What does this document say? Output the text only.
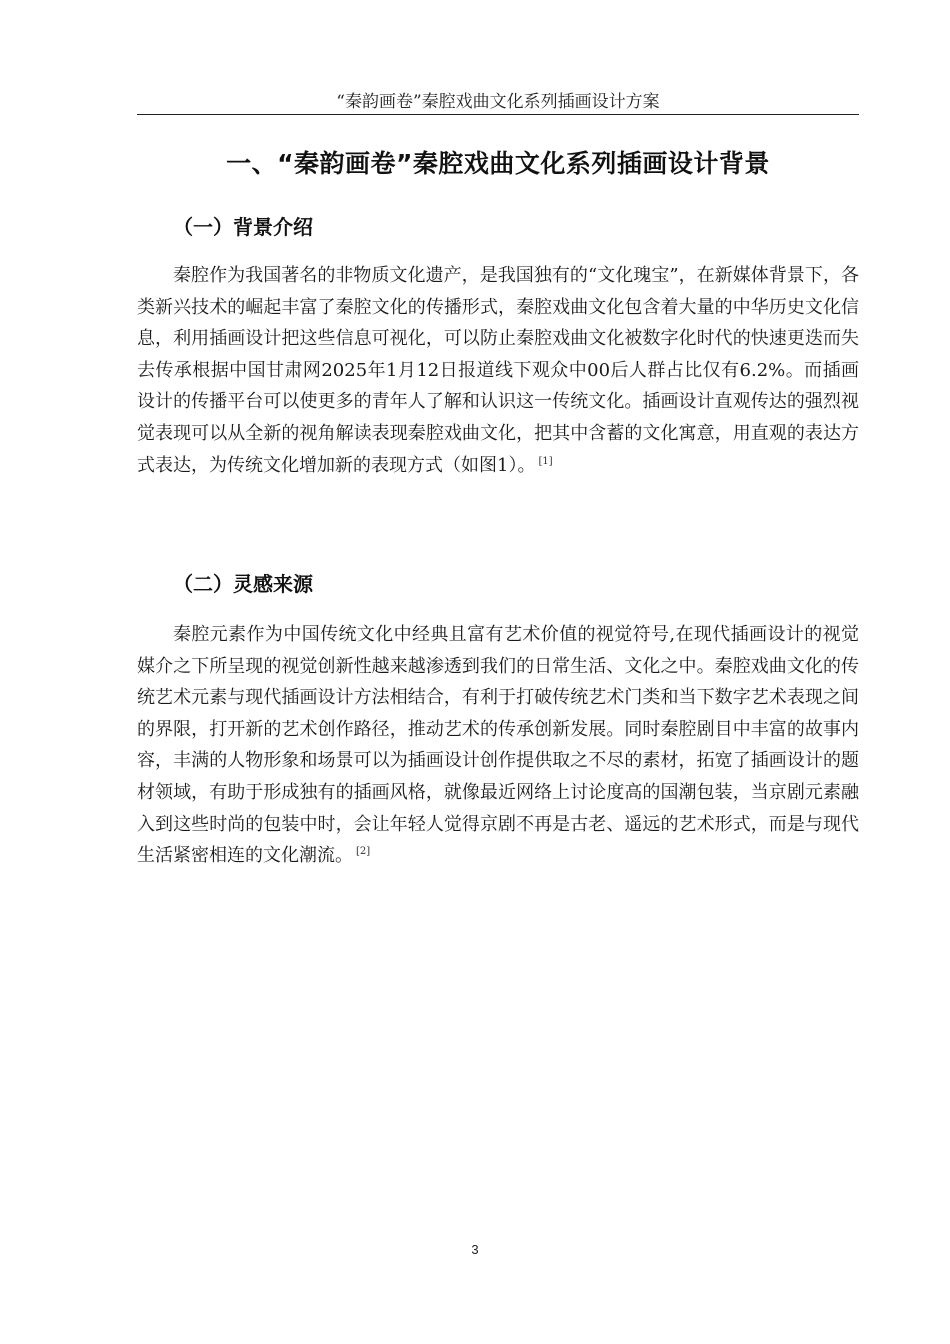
“秦韵画卷”秦腔戏曲文化系列插画设计方案
一、“秦韵画卷”秦腔戏曲文化系列插画设计背景
（一）背景介绍

秦腔作为我国著名的非物质文化遗产，是我国独有的“文化瑰宝”，在新媒体背景下，各类新兴技术的崛起丰富了秦腔文化的传播形式，秦腔戏曲文化包含着大量的中华历史文化信息，利用插画设计把这些信息可视化，可以防止秦腔戏曲文化被数字化时代的快速更迭而失去传承根据中国甘肃网2025年1月12日报道线下观众中00后人群占比仅有6.2%。而插画设计的传播平台可以使更多的青年人了解和认识这一传统文化。插画设计直观传达的强烈视觉表现可以从全新的视角解读表现秦腔戏曲文化，把其中含蓄的文化寓意，用直观的表达方式表达，为传统文化增加新的表现方式（如图1）。 [1]

（二）灵感来源

秦腔元素作为中国传统文化中经典且富有艺术价值的视觉符号,在现代插画设计的视觉媒介之下所呈现的视觉创新性越来越渗透到我们的日常生活、文化之中。秦腔戏曲文化的传统艺术元素与现代插画设计方法相结合，有利于打破传统艺术门类和当下数字艺术表现之间的界限，打开新的艺术创作路径，推动艺术的传承创新发展。同时秦腔剧目中丰富的故事内容，丰满的人物形象和场景可以为插画设计创作提供取之不尽的素材，拓宽了插画设计的题材领域，有助于形成独有的插画风格，就像最近网络上讨论度高的国潮包装，当京剧元素融入到这些时尚的包装中时，会让年轻人觉得京剧不再是古老、遥远的艺术形式，而是与现代生活紧密相连的文化潮流。 [2]

3
